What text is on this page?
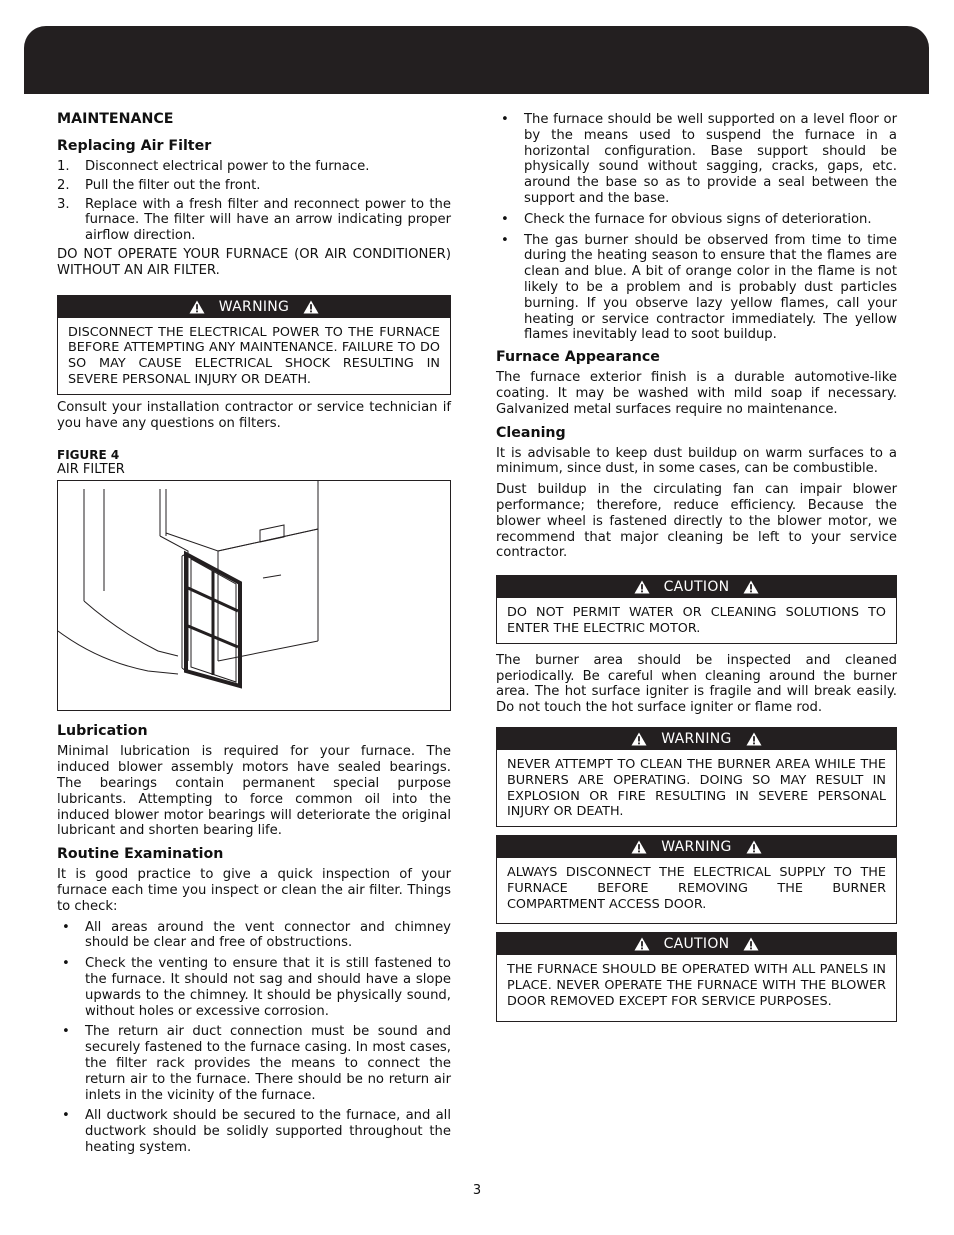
MAINTENANCE
Replacing Air Filter
1. Disconnect electrical power to the furnace.
2. Pull the filter out the front.
3. Replace with a fresh filter and reconnect power to the furnace. The filter will have an arrow indicating proper airflow direction.

DO NOT OPERATE YOUR FURNACE (OR AIR CONDITIONER) WITHOUT AN AIR FILTER.

WARNING
DISCONNECT THE ELECTRICAL POWER TO THE FURNACE BEFORE ATTEMPTING ANY MAINTENANCE. FAILURE TO DO SO MAY CAUSE ELECTRICAL SHOCK RESULTING IN SEVERE PERSONAL INJURY OR DEATH.

Consult your installation contractor or service technician if you have any questions on filters.

FIGURE 4
AIR FILTER
Lubrication

Minimal lubrication is required for your furnace. The induced blower assembly motors have sealed bearings. The bearings contain permanent special purpose lubricants. Attempting to force common oil into the induced blower motor bearings will deteriorate the original lubricant and shorten bearing life.

Routine Examination

It is good practice to give a quick inspection of your furnace each time you inspect or clean the air filter. Things to check:

• All areas around the vent connector and chimney should be clear and free of obstructions.
• Check the venting to ensure that it is still fastened to the furnace. It should not sag and should have a slope upwards to the chimney. It should be physically sound, without holes or excessive corrosion.
• The return air duct connection must be sound and securely fastened to the furnace casing. In most cases, the filter rack provides the means to connect the return air to the furnace. There should be no return air inlets in the vicinity of the furnace.
• All ductwork should be secured to the furnace, and all ductwork should be solidly supported throughout the heating system.
• The furnace should be well supported on a level floor or by the means used to suspend the furnace in a horizontal configuration. Base support should be physically sound without sagging, cracks, gaps, etc. around the base so as to provide a seal between the support and the base.
• Check the furnace for obvious signs of deterioration.
• The gas burner should be observed from time to time during the heating season to ensure that the flames are clean and blue. A bit of orange color in the flame is not likely to be a problem and is probably dust particles burning. If you observe lazy yellow flames, call your heating or service contractor immediately. The yellow flames inevitably lead to soot buildup.
Furnace Appearance

The furnace exterior finish is a durable automotive-like coating. It may be washed with mild soap if necessary. Galvanized metal surfaces require no maintenance.

Cleaning

It is advisable to keep dust buildup on warm surfaces to a minimum, since dust, in some cases, can be combustible.

Dust buildup in the circulating fan can impair blower performance; therefore, reduce efficiency. Because the blower wheel is fastened directly to the blower motor, we recommend that major cleaning be left to your service contractor.

CAUTION
DO NOT PERMIT WATER OR CLEANING SOLUTIONS TO ENTER THE ELECTRIC MOTOR.

The burner area should be inspected and cleaned periodically. Be careful when cleaning around the burner area. The hot surface igniter is fragile and will break easily. Do not touch the hot surface igniter or flame rod.

WARNING
NEVER ATTEMPT TO CLEAN THE BURNER AREA WHILE THE BURNERS ARE OPERATING. DOING SO MAY RESULT IN EXPLOSION OR FIRE RESULTING IN SEVERE PERSONAL INJURY OR DEATH.
WARNING
ALWAYS DISCONNECT THE ELECTRICAL SUPPLY TO THE FURNACE BEFORE REMOVING THE BURNER COMPARTMENT ACCESS DOOR.
CAUTION
THE FURNACE SHOULD BE OPERATED WITH ALL PANELS IN PLACE. NEVER OPERATE THE FURNACE WITH THE BLOWER DOOR REMOVED EXCEPT FOR SERVICE PURPOSES.
3
